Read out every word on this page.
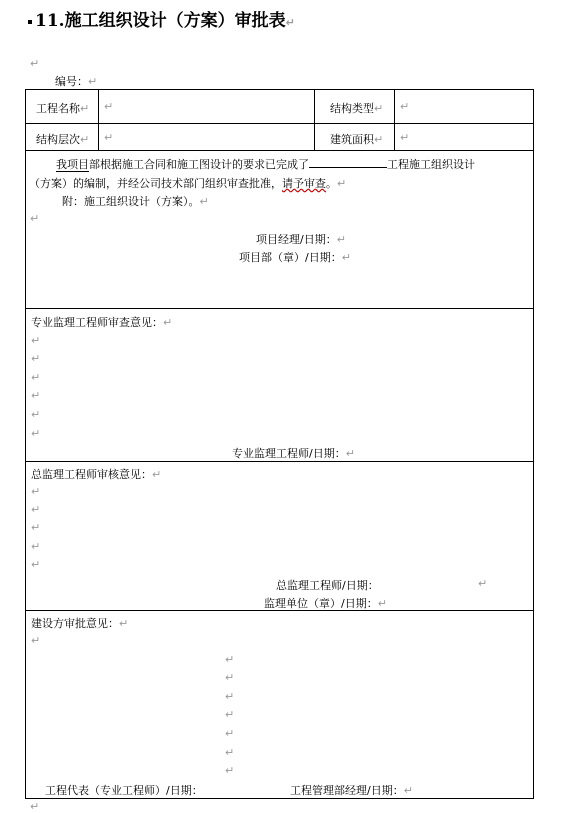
11.施工组织设计（方案）审批表↵
↵
编号：↵
工程名称↵ ↵	结构类型↵ ↵
结构层次↵ ↵	建筑面积↵ ↵
我项目部根据施工合同和施工图设计的要求已完成了	工程施工组织设计
（方案）的编制，并经公司技术部门组织审查批准，请予审查。↵
附：施工组织设计（方案）。↵
↵
项目经理/日期：↵
项目部（章）/日期：↵
专业监理工程师审查意见：↵
↵
↵
↵
↵
↵
↵
专业监理工程师/日期：↵
总监理工程师审核意见：↵
↵
↵
↵
↵
↵
总监理工程师/日期：	↵
监理单位（章）/日期：↵
建设方审批意见：↵
↵
↵
↵
↵
↵
↵
↵
↵
工程代表（专业工程师）/日期：	工程管理部经理/日期：↵
↵
